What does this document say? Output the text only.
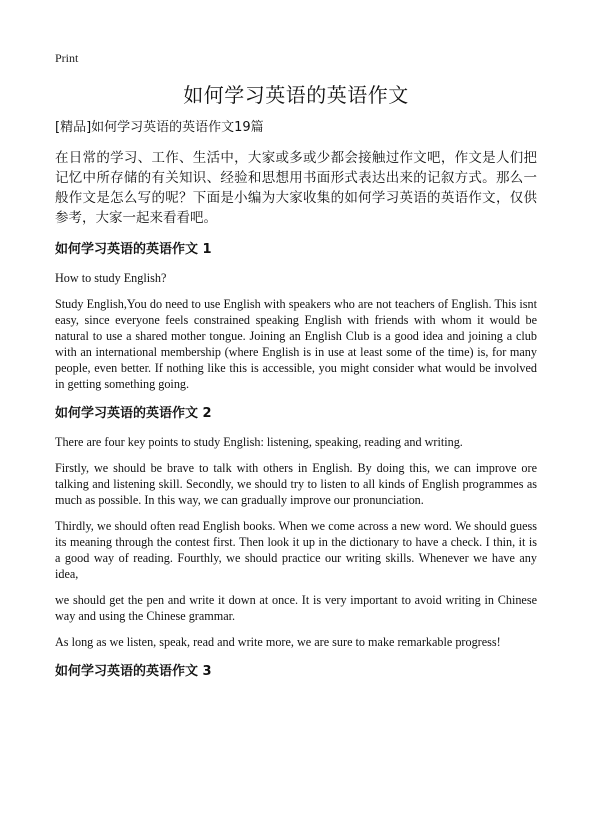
Print
如何学习英语的英语作文

[精品]如何学习英语的英语作文19篇

在日常的学习、工作、生活中，大家或多或少都会接触过作文吧，作文是人们把记忆中所存储的有关知识、经验和思想用书面形式表达出来的记叙方式。那么一般作文是怎么写的呢？下面是小编为大家收集的如何学习英语的英语作文，仅供参考，大家一起来看看吧。

如何学习英语的英语作文 1

How to study English?

Study English,You do need to use English with speakers who are not teachers of English. This isnt easy, since everyone feels constrained speaking English with friends with whom it would be natural to use a shared mother tongue. Joining an English Club is a good idea and joining a club with an international membership (where English is in use at least some of the time) is, for many people, even better. If nothing like this is accessible, you might consider what would be involved in getting something going.

如何学习英语的英语作文 2

There are four key points to study English: listening, speaking, reading and writing.

Firstly, we should be brave to talk with others in English. By doing this, we can improve ore talking and listening skill. Secondly, we should try to listen to all kinds of English programmes as much as possible. In this way, we can gradually improve our pronunciation.

Thirdly, we should often read English books. When we come across a new word. We should guess its meaning through the contest first. Then look it up in the dictionary to have a check. I thin, it is a good way of reading. Fourthly, we should practice our writing skills. Whenever we have any idea,

we should get the pen and write it down at once. It is very important to avoid writing in Chinese way and using the Chinese grammar.

As long as we listen, speak, read and write more, we are sure to make remarkable progress!

如何学习英语的英语作文 3
